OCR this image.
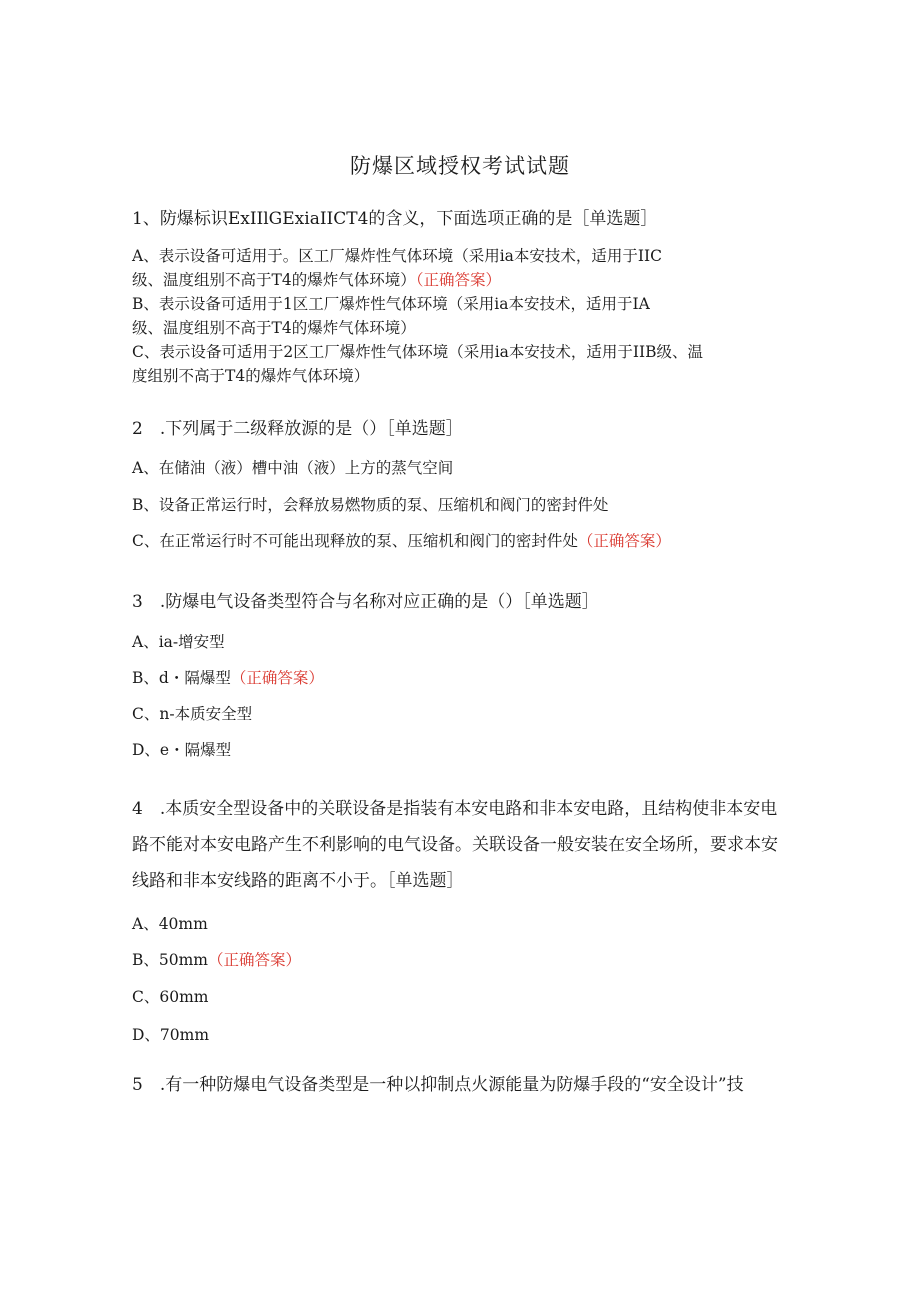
防爆区域授权考试试题
1、防爆标识ExIIlGExiaIICT4的含义，下面选项正确的是［单选题］
A、表示设备可适用于。区工厂爆炸性气体环境（采用ia本安技术，适用于IIC
级、温度组别不高于T4的爆炸气体环境）（正确答案）
B、表示设备可适用于1区工厂爆炸性气体环境（采用ia本安技术，适用于IA
级、温度组别不高于T4的爆炸气体环境）
C、表示设备可适用于2区工厂爆炸性气体环境（采用ia本安技术，适用于IIB级、温
度组别不高于T4的爆炸气体环境）
2　.下列属于二级释放源的是（）［单选题］
A、在储油（液）槽中油（液）上方的蒸气空间
B、设备正常运行时，会释放易燃物质的泵、压缩机和阀门的密封件处
C、在正常运行时不可能出现释放的泵、压缩机和阀门的密封件处（正确答案）
3　.防爆电气设备类型符合与名称对应正确的是（）［单选题］
A、ia-增安型
B、d・隔爆型（正确答案）
C、n-本质安全型
D、e・隔爆型
4　.本质安全型设备中的关联设备是指装有本安电路和非本安电路，且结构使非本安电
路不能对本安电路产生不利影响的电气设备。关联设备一般安装在安全场所，要求本安
线路和非本安线路的距离不小于。［单选题］
A、40mm
B、50mm（正确答案）
C、60mm
D、70mm
5　.有一种防爆电气设备类型是一种以抑制点火源能量为防爆手段的“安全设计”技
